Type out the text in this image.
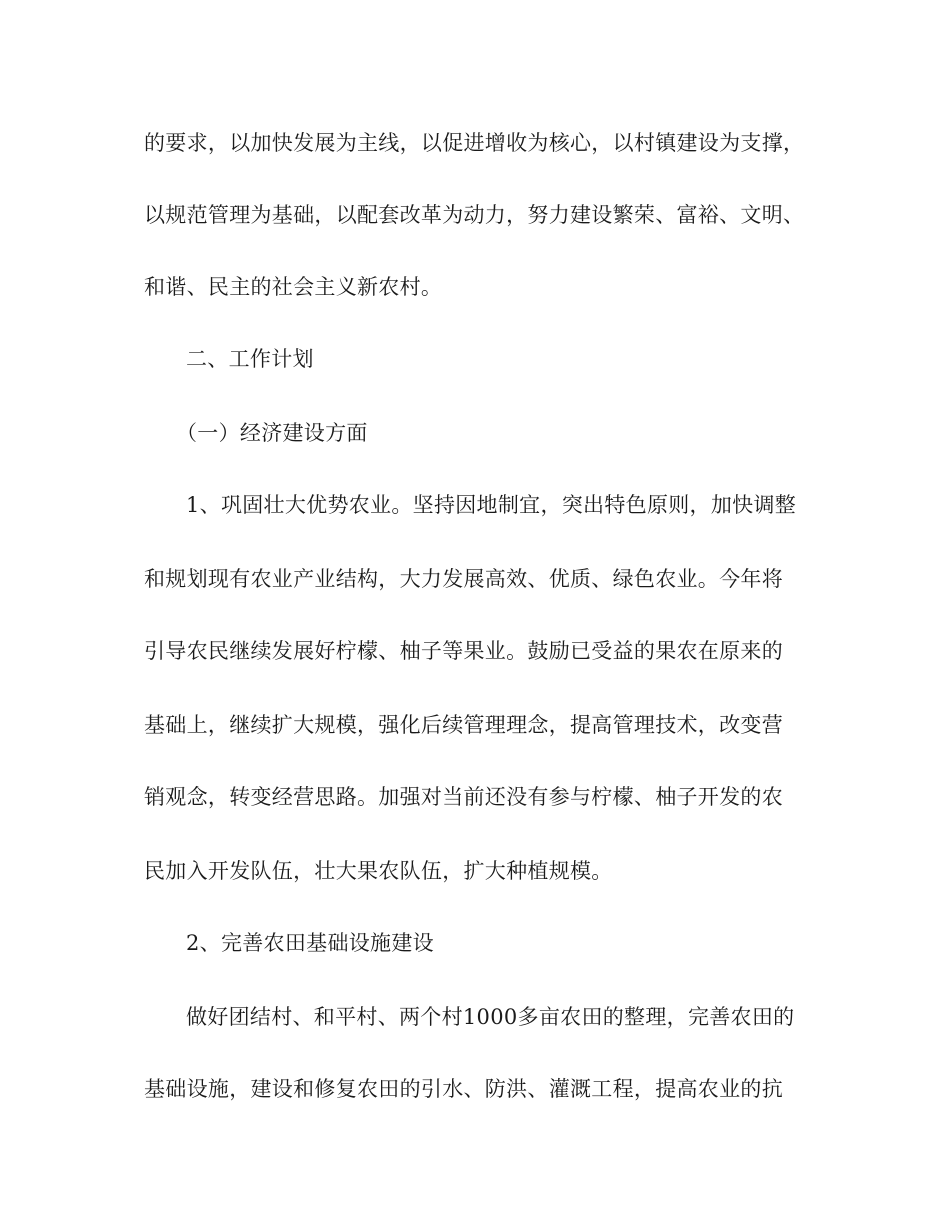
的要求，以加快发展为主线，以促进增收为核心，以村镇建设为支撑，
以规范管理为基础，以配套改革为动力，努力建设繁荣、富裕、文明、
和谐、民主的社会主义新农村。
二、工作计划
（一）经济建设方面
1、巩固壮大优势农业。坚持因地制宜，突出特色原则，加快调整
和规划现有农业产业结构，大力发展高效、优质、绿色农业。今年将
引导农民继续发展好柠檬、柚子等果业。鼓励已受益的果农在原来的
基础上，继续扩大规模，强化后续管理理念，提高管理技术，改变营
销观念，转变经营思路。加强对当前还没有参与柠檬、柚子开发的农
民加入开发队伍，壮大果农队伍，扩大种植规模。
2、完善农田基础设施建设
做好团结村、和平村、两个村1000多亩农田的整理，完善农田的
基础设施，建设和修复农田的引水、防洪、灌溉工程，提高农业的抗
